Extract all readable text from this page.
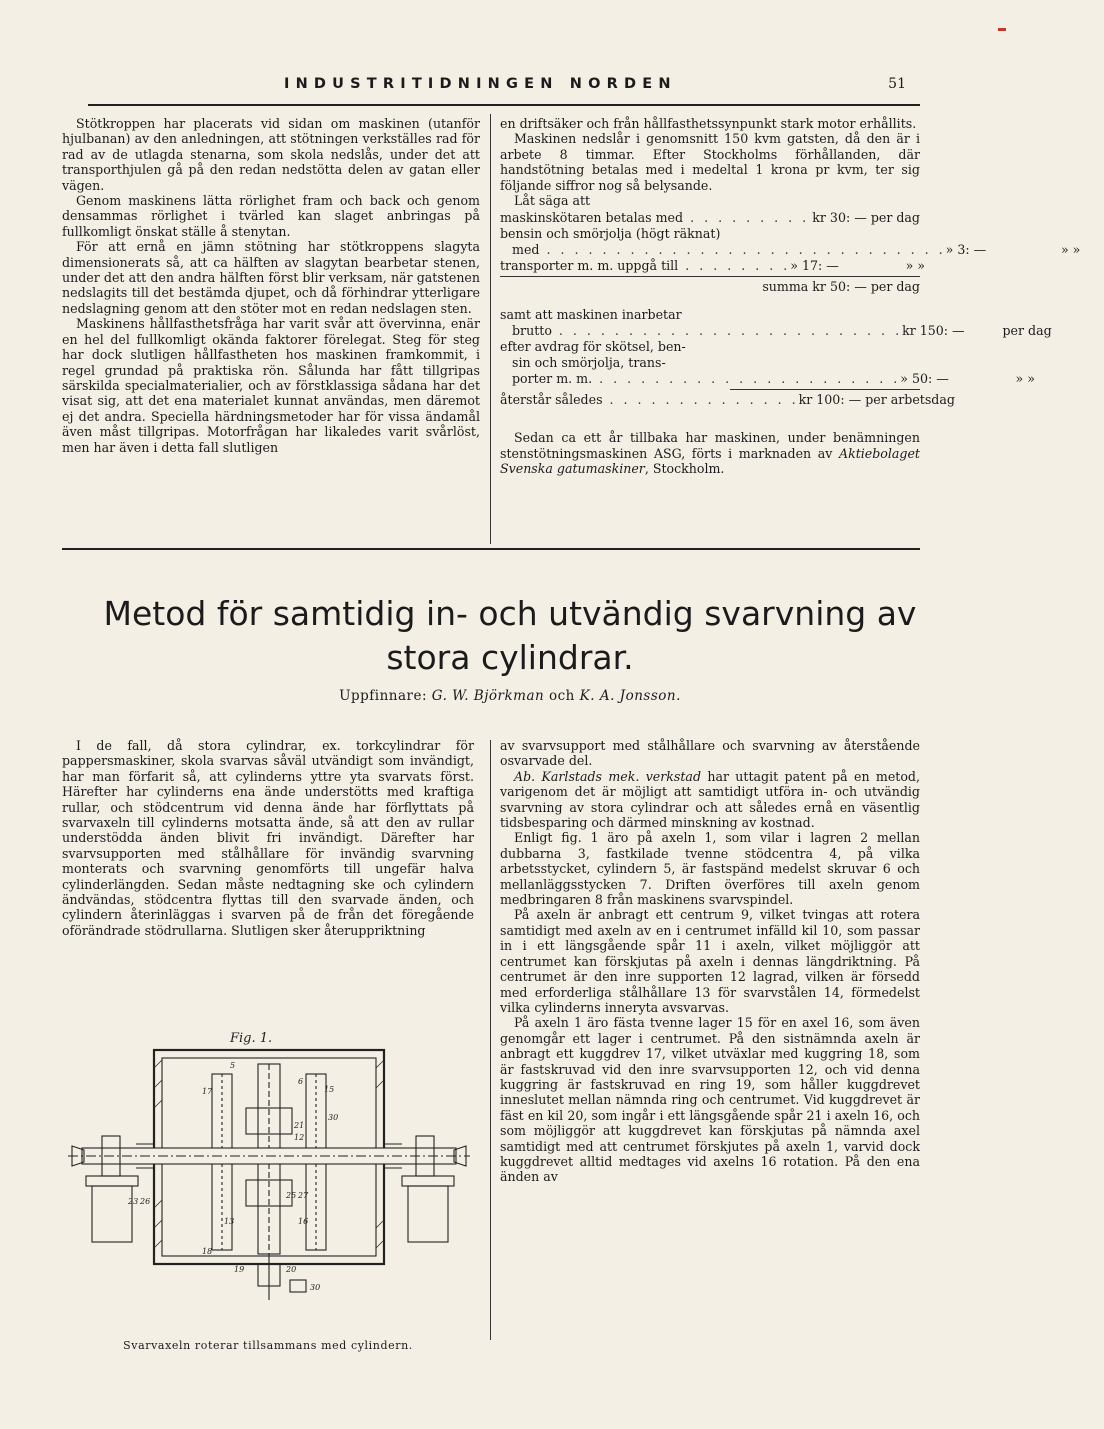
INDUSTRITIDNINGEN NORDEN	51

Stötkroppen har placerats vid sidan om maskinen (utanför hjulbanan) av den anledningen, att stötningen verkställes rad för rad av de utlagda stenarna, som skola nedslås, under det att transporthjulen gå på den redan nedstötta delen av gatan eller vägen.

Genom maskinens lätta rörlighet fram och back och genom densammas rörlighet i tvärled kan slaget anbringas på fullkomligt önskat ställe å stenytan.

För att ernå en jämn stötning har stötkroppens slagyta dimensionerats så, att ca hälften av slagytan bearbetar stenen, under det att den andra hälften först blir verksam, när gatstenen nedslagits till det bestämda djupet, och då förhindrar ytterligare nedslagning genom att den stöter mot en redan nedslagen sten.

Maskinens hållfasthetsfråga har varit svår att övervinna, enär en hel del fullkomligt okända faktorer förelegat. Steg för steg har dock slutligen hållfastheten hos maskinen framkommit, i regel grundad på praktiska rön. Sålunda har fått tillgripas särskilda specialmaterialier, och av förstklassiga sådana har det visat sig, att det ena materialet kunnat användas, men däremot ej det andra. Speciella härdningsmetoder har för vissa ändamål även måst tillgripas. Motorfrågan har likaledes varit svårlöst, men har även i detta fall slutligen

en driftsäker och från hållfasthetssynpunkt stark motor erhållits.

Maskinen nedslår i genomsnitt 150 kvm gatsten, då den är i arbete 8 timmar. Efter Stockholms förhållanden, där handstötning betalas med i medeltal 1 krona pr kvm, ter sig följande siffror nog så belysande.

Låt säga att

maskinskötaren betalas med . . . . . . . . . kr 30: —
per dag
bensin och smörjolja (högt räknat)
med . . . . . . . . . . . . . . . . . . . . . . . . . . . . . » 3: —	» »
transporter m. m. uppgå till . . . . . . . . » 17: —	» »
summa kr 50: — per dag
samt att maskinen inarbetar
brutto . . . . . . . . . . . . . . . . . . . . . . . . . kr 150: —	per dag
efter avdrag för skötsel, ben-
sin och smörjolja, trans-
porter m. m. . . . . . . . . . . . . . . . . . . . . . . » 50: —	» »
återstår således . . . . . . . . . . . . . . kr 100: —
per arbetsdag

Sedan ca ett år tillbaka har maskinen, under benämningen stenstötningsmaskinen ASG, förts i marknaden av Aktiebolaget Svenska gatumaskiner, Stockholm.

Metod för samtidig in- och utvändig svarvning av stora cylindrar.
Uppfinnare: G. W. Björkman och K. A. Jonsson.

I de fall, då stora cylindrar, ex. torkcylindrar för pappersmaskiner, skola svarvas såväl utvändigt som invändigt, har man förfarit så, att cylinderns yttre yta svarvats först. Härefter har cylinderns ena ände understötts med kraftiga rullar, och stödcentrum vid denna ände har förflyttats på svarvaxeln till cylinderns motsatta ände, så att den av rullar understödda änden blivit fri invändigt. Därefter har svarvsupporten med stålhållare för invändig svarvning monterats och svarvning genomförts till ungefär halva cylinderlängden. Sedan måste nedtagning ske och cylindern ändvändas, stödcentra flyttas till den svarvade änden, och cylindern återinläggas i svarven på de från det föregående oförändrade stödrullarna. Slutligen sker återuppriktning

Fig. 1.
5
6
17
21
12
30
15
23 26
25 27
13	16
18
19	20
30
Svarvaxeln roterar tillsammans med cylindern.

av svarvsupport med stålhållare och svarvning av återstående osvarvade del.

Ab. Karlstads mek. verkstad har uttagit patent på en metod, varigenom det är möjligt att samtidigt utföra in- och utvändig svarvning av stora cylindrar och att således ernå en väsentlig tidsbesparing och därmed minskning av kostnad.

Enligt fig. 1 äro på axeln 1, som vilar i lagren 2 mellan dubbarna 3, fastkilade tvenne stödcentra 4, på vilka arbetsstycket, cylindern 5, är fastspänd medelst skruvar 6 och mellanläggsstycken 7. Driften överföres till axeln genom medbringaren 8 från maskinens svarvspindel.

På axeln är anbragt ett centrum 9, vilket tvingas att rotera samtidigt med axeln av en i centrumet infälld kil 10, som passar in i ett längsgående spår 11 i axeln, vilket möjliggör att centrumet kan förskjutas på axeln i dennas längdriktning. På centrumet är den inre supporten 12 lagrad, vilken är försedd med erforderliga stålhållare 13 för svarvstålen 14, förmedelst vilka cylinderns inneryta avsvarvas.

På axeln 1 äro fästa tvenne lager 15 för en axel 16, som även genomgår ett lager i centrumet. På den sistnämnda axeln är anbragt ett kuggdrev 17, vilket utväxlar med kuggring 18, som är fastskruvad vid den inre svarvsupporten 12, och vid denna kuggring är fastskruvad en ring 19, som håller kuggdrevet inneslutet mellan nämnda ring och centrumet. Vid kuggdrevet är fäst en kil 20, som ingår i ett längsgående spår 21 i axeln 16, och som möjliggör att kuggdrevet kan förskjutas på nämnda axel samtidigt med att centrumet förskjutes på axeln 1, varvid dock kuggdrevet alltid medtages vid axelns 16 rotation. På den ena änden av
